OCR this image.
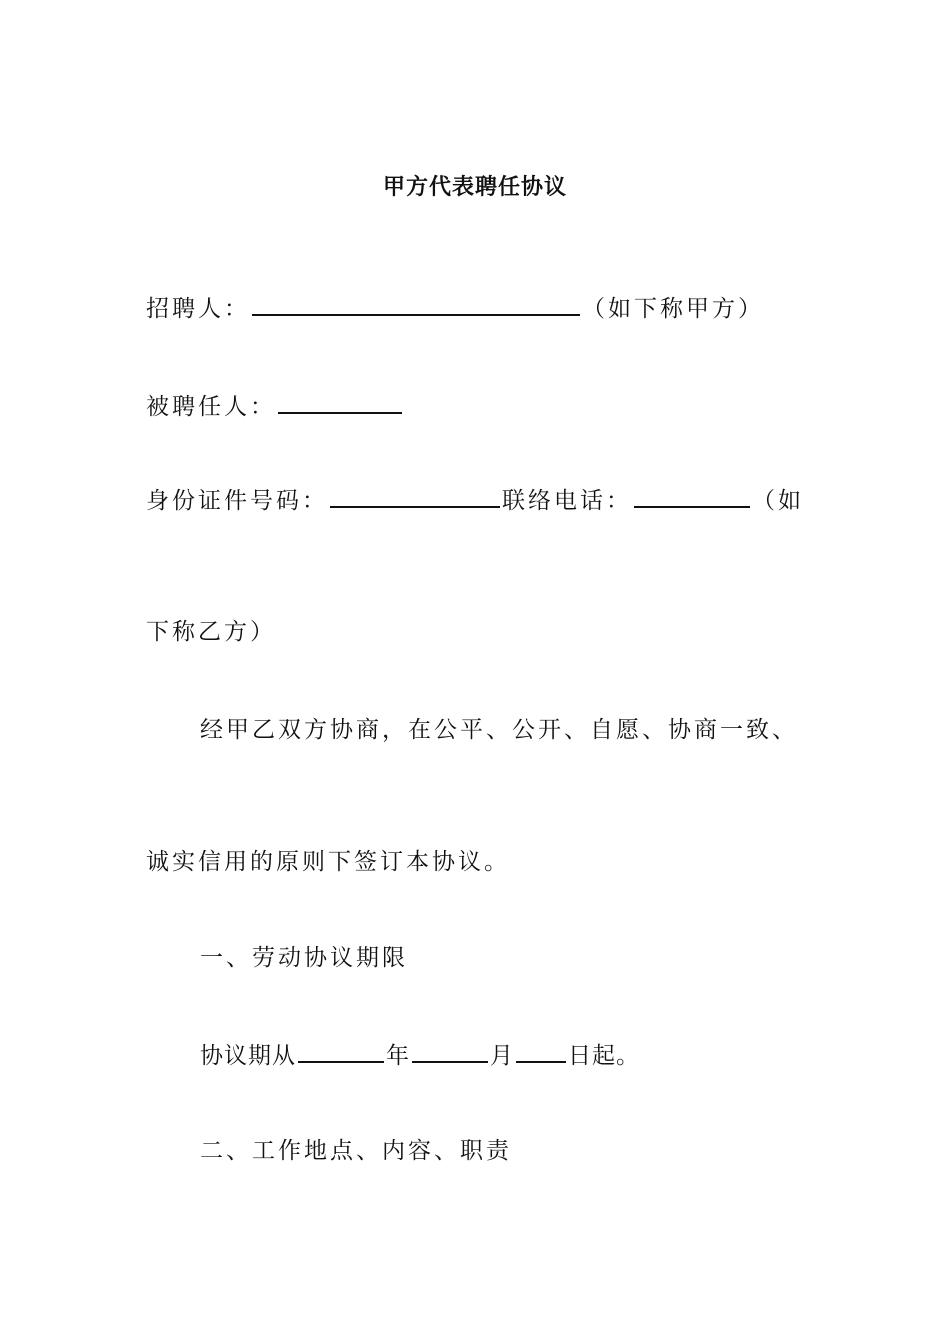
甲方代表聘任协议
招聘人：	（如下称甲方）
被聘任人：
身份证件号码：	联络电话：	（如
下称乙方）
经甲乙双方协商，在公平、公开、自愿、协商一致、
诚实信用的原则下签订本协议。
一、劳动协议期限
协议期从	年	月 日起。
二、工作地点、内容、职责
